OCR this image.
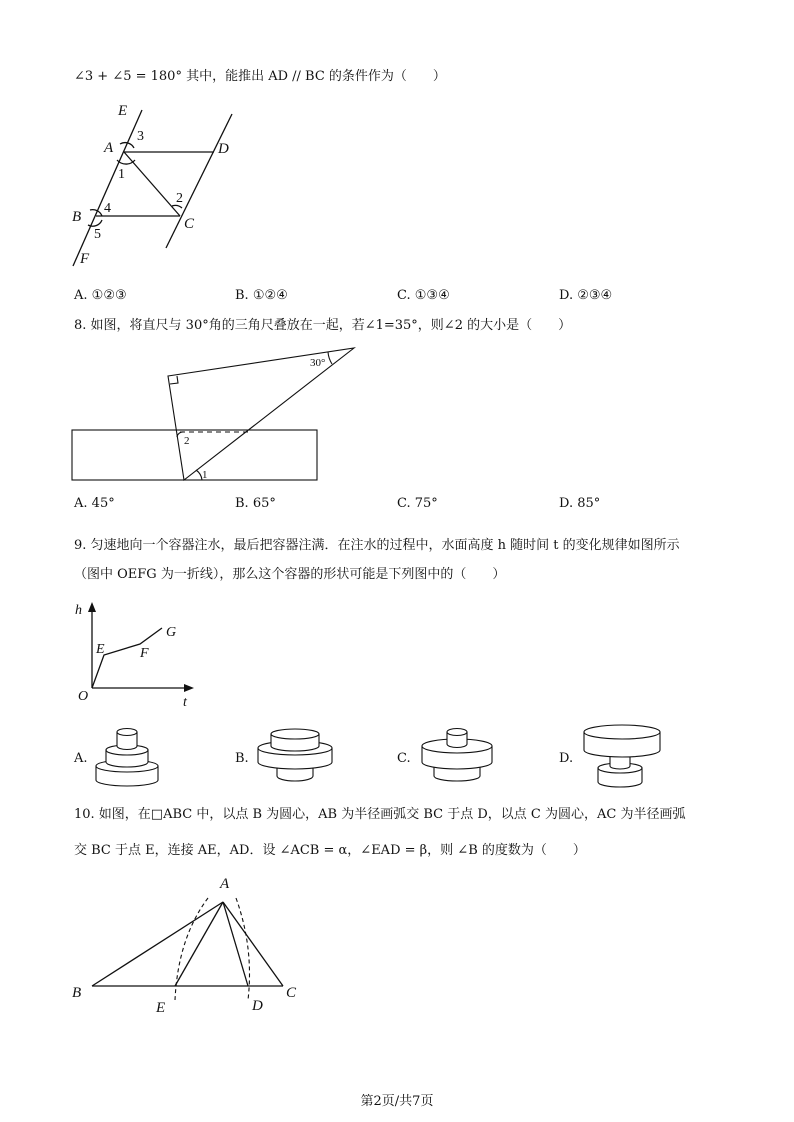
∠3 + ∠5 = 180° 其中，能推出 AD // BC 的条件作为（　　）
E
A	D
B	C
F
1
2
3
4
5
A. ①②③	B. ①②④	C. ①③④	D. ②③④
8. 如图，将直尺与 30°角的三角尺叠放在一起，若∠1=35°，则∠2 的大小是（　　）
30°
1
2
A. 45°	B. 65°	C. 75°	D. 85°
9. 匀速地向一个容器注水，最后把容器注满．在注水的过程中，水面高度 h 随时间 t 的变化规律如图所示
（图中 OEFG 为一折线），那么这个容器的形状可能是下列图中的（　　）
h
t
O
E	F
G
A.	B.	C.	D.
10. 如图，在□ABC 中，以点 B 为圆心，AB 为半径画弧交 BC 于点 D，以点 C 为圆心，AC 为半径画弧
交 BC 于点 E，连接 AE，AD．设 ∠ACB = α，∠EAD = β，则 ∠B 的度数为（　　）
A
B	C
D
E
第2页/共7页
